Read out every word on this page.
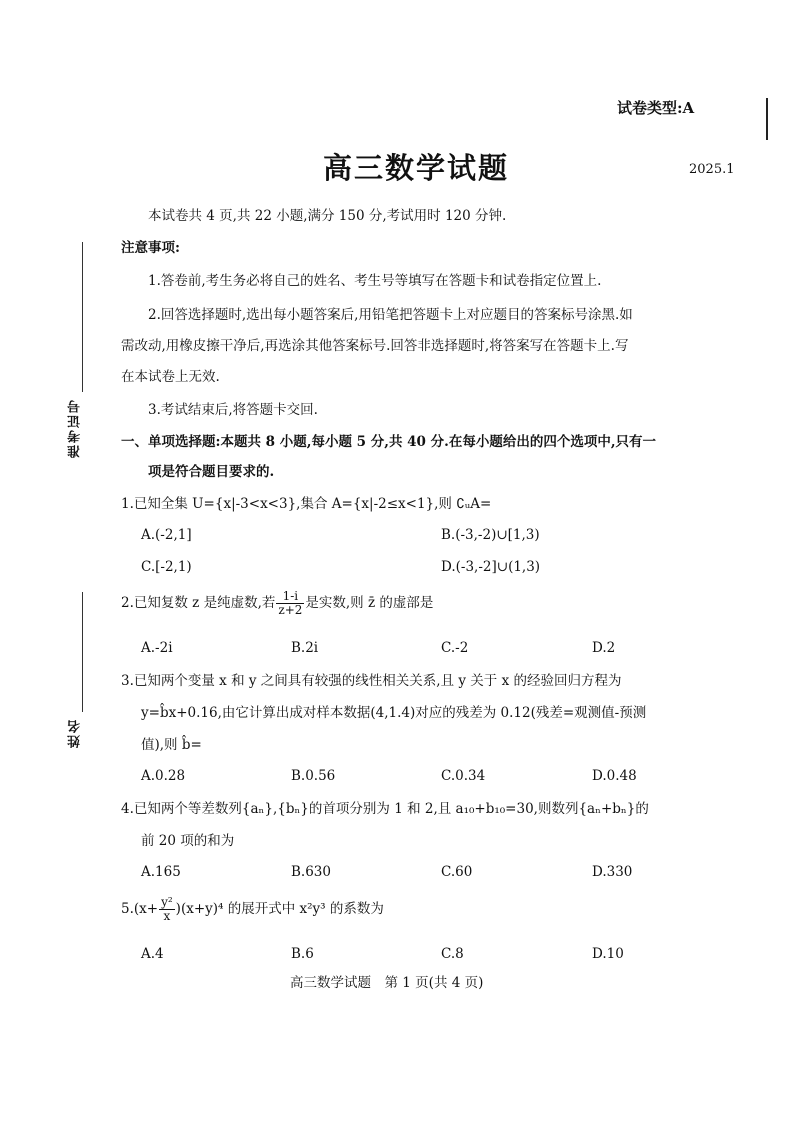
试卷类型:A
高三数学试题	2025.1
准考证号
姓名
本试卷共 4 页,共 22 小题,满分 150 分,考试用时 120 分钟.
注意事项:
1.答卷前,考生务必将自己的姓名、考生号等填写在答题卡和试卷指定位置上.
2.回答选择题时,选出每小题答案后,用铅笔把答题卡上对应题目的答案标号涂黑.如
需改动,用橡皮擦干净后,再选涂其他答案标号.回答非选择题时,将答案写在答题卡上.写
在本试卷上无效.
3.考试结束后,将答题卡交回.
一、单项选择题:本题共 8 小题,每小题 5 分,共 40 分.在每小题给出的四个选项中,只有一
项是符合题目要求的.
1.已知全集 U={x|-3<x<3},集合 A={x|-2≤x<1},则 ∁ᵤA=
A.(-2,1]	B.(-3,-2)∪[1,3)
C.[-2,1)	D.(-3,-2]∪(1,3)
2.已知复数 z 是纯虚数,若 $\frac{1-i}{z+2}$ 是实数,则 z̄ 的虚部是
A.-2i	B.2i	C.-2	D.2
3.已知两个变量 x 和 y 之间具有较强的线性相关关系,且 y 关于 x 的经验回归方程为
y=b̂x+0.16,由它计算出成对样本数据(4,1.4)对应的残差为 0.12(残差=观测值-预测
值),则 b̂=
A.0.28	B.0.56	C.0.34	D.0.48
4.已知两个等差数列{aₙ},{bₙ}的首项分别为 1 和 2,且 a₁₀+b₁₀=30,则数列{aₙ+bₙ}的
前 20 项的和为
A.165	B.630	C.60	D.330
$5.(x+ \frac{\text{y²}}{x} )(x+y)^4$ 的展开式中 x²y³ 的系数为
A.4	B.6	C.8	D.10
高三数学试题　第 1 页(共 4 页)
